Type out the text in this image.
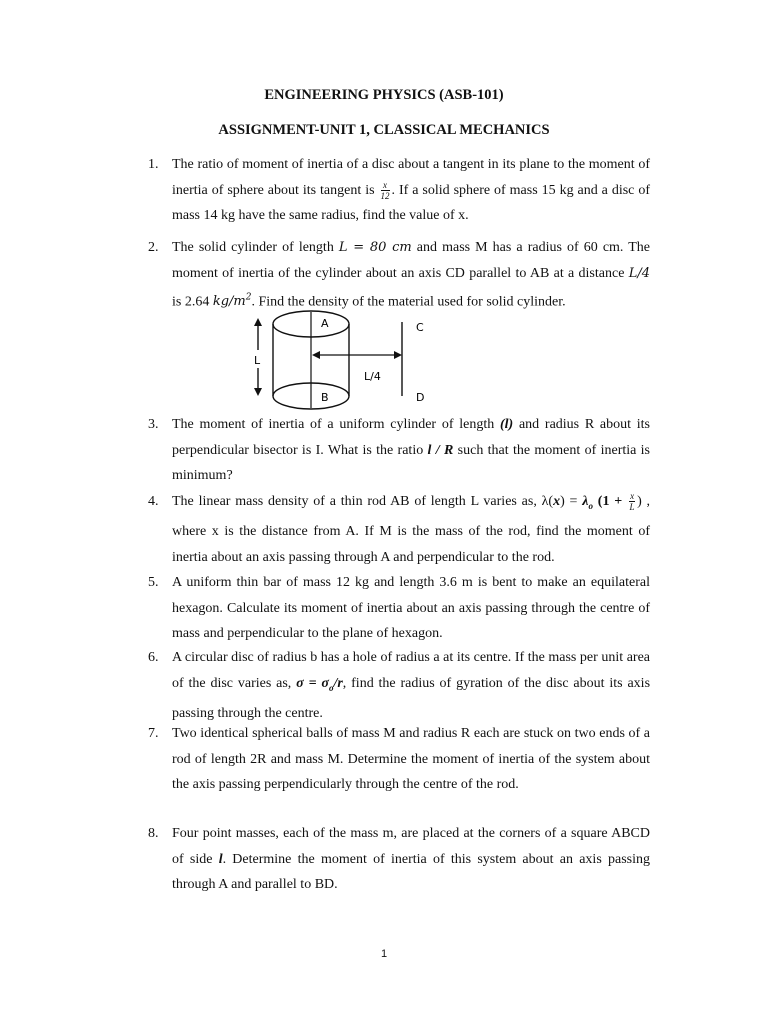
ENGINEERING PHYSICS (ASB-101)
ASSIGNMENT-UNIT 1, CLASSICAL MECHANICS
1. The ratio of moment of inertia of a disc about a tangent in its plane to the moment of inertia of sphere about its tangent is $\frac{x}{12}$ . If a solid sphere of mass 15 kg and a disc of mass 14 kg have the same radius, find the value of x.
2. The solid cylinder of length L = 80 cm and mass M has a radius of 60 cm. The moment of inertia of the cylinder about an axis CD parallel to AB at a distance L/4 is 2.64 $kg/m^2$. Find the density of the material used for solid cylinder.
L
A
B
C
D
L/4
3. The moment of inertia of a uniform cylinder of length (l) and radius R about its perpendicular bisector is I. What is the ratio l / R such that the moment of inertia is minimum?
4. The linear mass density of a thin rod AB of length L varies as, $\lambda(x) = \lambda_o$ ($1 + \frac{x}{L}$ ) , where x is the distance from A. If M is the mass of the rod, find the moment of inertia about an axis passing through A and perpendicular to the rod.
5. A uniform thin bar of mass 12 kg and length 3.6 m is bent to make an equilateral hexagon. Calculate its moment of inertia about an axis passing through the centre of mass and perpendicular to the plane of hexagon.
6. A circular disc of radius b has a hole of radius a at its centre. If the mass per unit area of the disc varies as, $\sigma = \sigma_o/r$, find the radius of gyration of the disc about its axis passing through the centre.
7. Two identical spherical balls of mass M and radius R each are stuck on two ends of a rod of length 2R and mass M. Determine the moment of inertia of the system about the axis passing perpendicularly through the centre of the rod.
8. Four point masses, each of the mass m, are placed at the corners of a square ABCD of side l. Determine the moment of inertia of this system about an axis passing through A and parallel to BD.
1
